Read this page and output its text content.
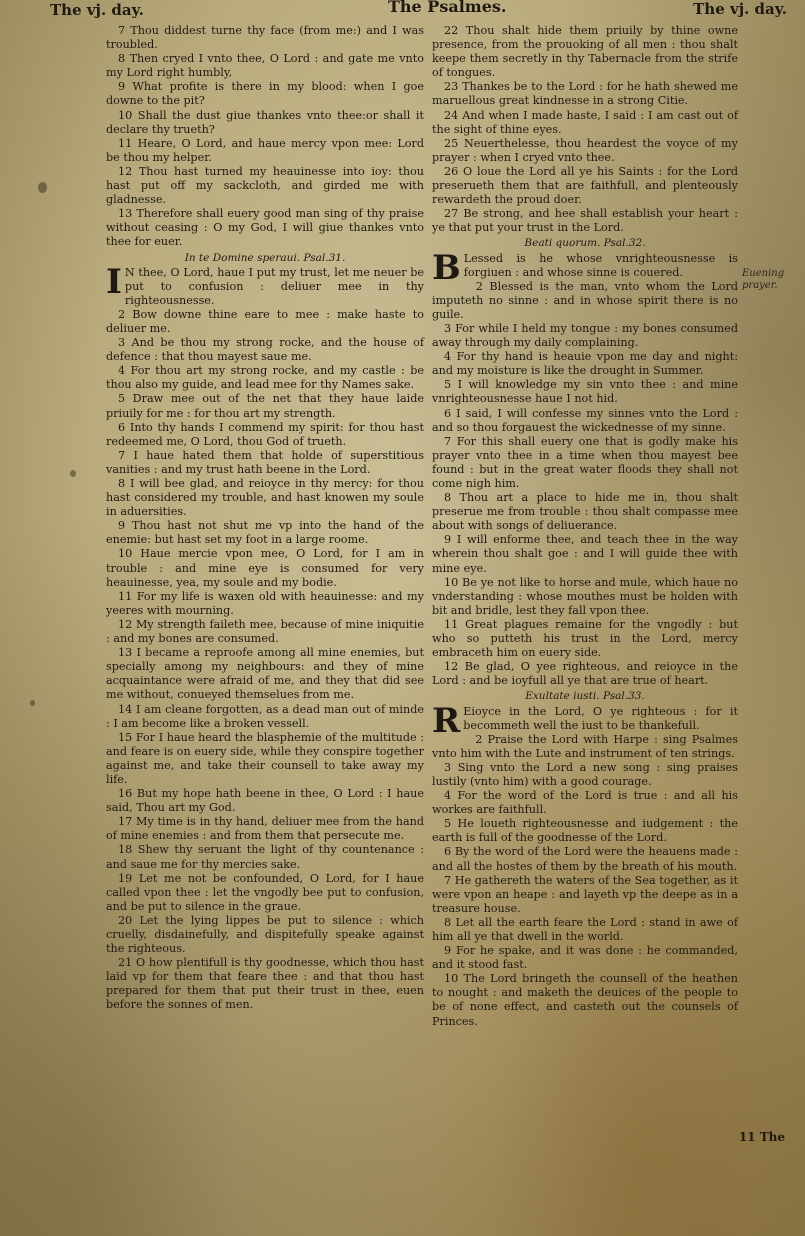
The vj. day.	The Psalmes.	The vj. day.

7 Thou diddest turne thy face (from me:) and I was troubled.

8 Then cryed I vnto thee, O Lord : and gate me vnto my Lord right humbly,

9 What profite is there in my blood: when I goe downe to the pit?

10 Shall the dust giue thankes vnto thee:or shall it declare thy trueth?

11 Heare, O Lord, and haue mercy vpon mee: Lord be thou my helper.

12 Thou hast turned my heauinesse into ioy: thou hast put off my sackcloth, and girded me with gladnesse.

13 Therefore shall euery good man sing of thy praise without ceasing : O my God, I will giue thankes vnto thee for euer.

In te Domine speraui. Psal.31.

I N thee, O Lord, haue I put my trust, let me neuer be put to confusion : deliuer mee in thy righteousnesse.

2 Bow downe thine eare to mee : make haste to deliuer me.

3 And be thou my strong rocke, and the house of defence : that thou mayest saue me.

4 For thou art my strong rocke, and my castle : be thou also my guide, and lead mee for thy Names sake.

5 Draw mee out of the net that they haue laide priuily for me : for thou art my strength.

6 Into thy hands I commend my spirit: for thou hast redeemed me, O Lord, thou God of trueth.

7 I haue hated them that holde of superstitious vanities : and my trust hath beene in the Lord.

8 I will bee glad, and reioyce in thy mercy: for thou hast considered my trouble, and hast knowen my soule in aduersities.

9 Thou hast not shut me vp into the hand of the enemie: but hast set my foot in a large roome.

10 Haue mercie vpon mee, O Lord, for I am in trouble : and mine eye is consumed for very heauinesse, yea, my soule and my bodie.

11 For my life is waxen old with heauinesse: and my yeeres with mourning.

12 My strength faileth mee, because of mine iniquitie : and my bones are consumed.

13 I became a reproofe among all mine enemies, but specially among my neighbours: and they of mine acquaintance were afraid of me, and they that did see me without, conueyed themselues from me.

14 I am cleane forgotten, as a dead man out of minde : I am become like a broken vessell.

15 For I haue heard the blasphemie of the multitude : and feare is on euery side, while they conspire together against me, and take their counsell to take away my life.

16 But my hope hath beene in thee, O Lord : I haue said, Thou art my God.

17 My time is in thy hand, deliuer mee from the hand of mine enemies : and from them that persecute me.

18 Shew thy seruant the light of thy countenance : and saue me for thy mercies sake.

19 Let me not be confounded, O Lord, for I haue called vpon thee : let the vngodly bee put to confusion, and be put to silence in the graue.

20 Let the lying lippes be put to silence : which cruelly, disdainefully, and dispitefully speake against the righteous.

21 O how plentifull is thy goodnesse, which thou hast laid vp for them that feare thee : and that thou hast prepared for them that put their trust in thee, euen before the sonnes of men.

22 Thou shalt hide them priuily by thine owne presence, from the prouoking of all men : thou shalt keepe them secretly in thy Tabernacle from the strife of tongues.

23 Thankes be to the Lord : for he hath shewed me maruellous great kindnesse in a strong Citie.

24 And when I made haste, I said : I am cast out of the sight of thine eyes.

25 Neuerthelesse, thou heardest the voyce of my prayer : when I cryed vnto thee.

26 O loue the Lord all ye his Saints : for the Lord preserueth them that are faithfull, and plenteously rewardeth the proud doer.

27 Be strong, and hee shall establish your heart : ye that put your trust in the Lord.

Beati quorum. Psal.32.

B Lessed is he whose vnrighteousnesse is forgiuen : and whose sinne is couered.

2 Blessed is the man, vnto whom the Lord imputeth no sinne : and in whose spirit there is no guile.

3 For while I held my tongue : my bones consumed away through my daily complaining.

4 For thy hand is heauie vpon me day and night: and my moisture is like the drought in Summer.

5 I will knowledge my sin vnto thee : and mine vnrighteousnesse haue I not hid.

6 I said, I will confesse my sinnes vnto the Lord : and so thou forgauest the wickednesse of my sinne.

7 For this shall euery one that is godly make his prayer vnto thee in a time when thou mayest bee found : but in the great water floods they shall not come nigh him.

8 Thou art a place to hide me in, thou shalt preserue me from trouble : thou shalt compasse mee about with songs of deliuerance.

9 I will enforme thee, and teach thee in the way wherein thou shalt goe : and I will guide thee with mine eye.

10 Be ye not like to horse and mule, which haue no vnderstanding : whose mouthes must be holden with bit and bridle, lest they fall vpon thee.

11 Great plagues remaine for the vngodly : but who so putteth his trust in the Lord, mercy embraceth him on euery side.

12 Be glad, O yee righteous, and reioyce in the Lord : and be ioyfull all ye that are true of heart.

Exultate iusti. Psal.33.

R Eioyce in the Lord, O ye righteous : for it becommeth well the iust to be thankefull.

2 Praise the Lord with Harpe : sing Psalmes vnto him with the Lute and instrument of ten strings.

3 Sing vnto the Lord a new song : sing praises lustily (vnto him) with a good courage.

4 For the word of the Lord is true : and all his workes are faithfull.

5 He loueth righteousnesse and iudgement : the earth is full of the goodnesse of the Lord.

6 By the word of the Lord were the heauens made : and all the hostes of them by the breath of his mouth.

7 He gathereth the waters of the Sea together, as it were vpon an heape : and layeth vp the deepe as in a treasure house.

8 Let all the earth feare the Lord : stand in awe of him all ye that dwell in the world.

9 For he spake, and it was done : he commanded, and it stood fast.

10 The Lord bringeth the counsell of the heathen to nought : and maketh the deuices of the people to be of none effect, and casteth out the counsels of Princes.

Euening prayer.
11 The
